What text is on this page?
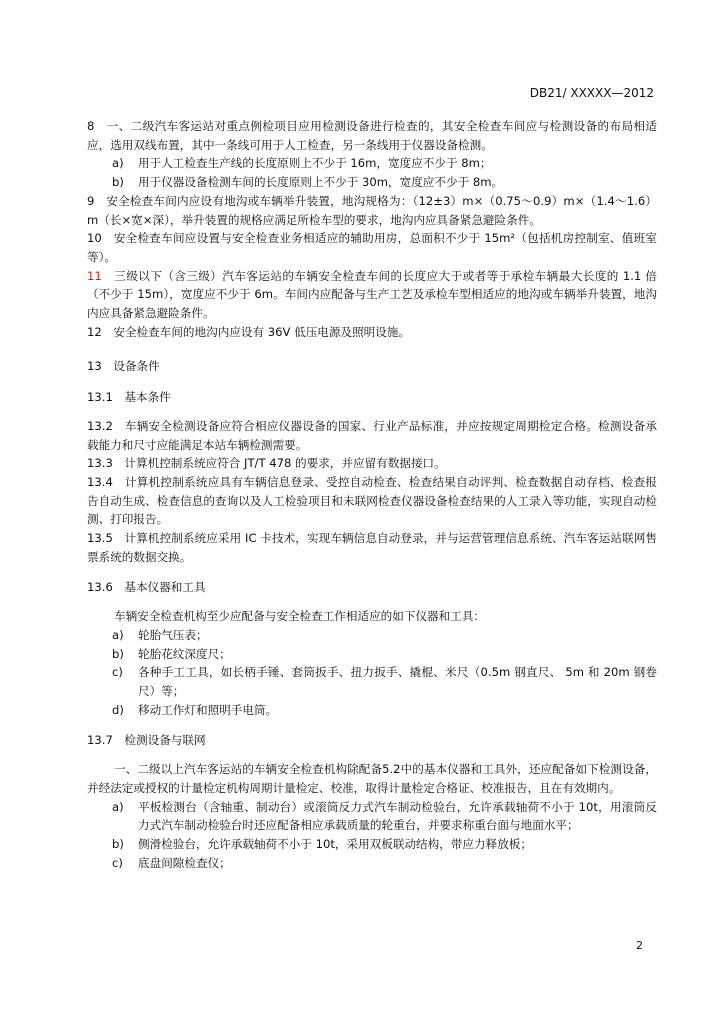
DB21/ XXXXX—2012

8　一、二级汽车客运站对重点例检项目应用检测设备进行检查的，其安全检查车间应与检测设备的布局相适应，选用双线布置，其中一条线可用于人工检查，另一条线用于仪器设备检测。

a)	用于人工检查生产线的长度原则上不少于 16m，宽度应不少于 8m；
b)	用于仪器设备检测车间的长度原则上不少于 30m，宽度应不少于 8m。

9　安全检查车间内应设有地沟或车辆举升装置，地沟规格为：（12±3）m×（0.75～0.9）m×（1.4～1.6）m（长×宽×深），举升装置的规格应满足所检车型的要求，地沟内应具备紧急避险条件。

10　安全检查车间应设置与安全检查业务相适应的辅助用房，总面积不少于 15m²（包括机房控制室、值班室等）。

11 三级以下（含三级）汽车客运站的车辆安全检查车间的长度应大于或者等于承检车辆最大长度的 1.1 倍（不少于 15m），宽度应不少于 6m。车间内应配备与生产工艺及承检车型相适应的地沟或车辆举升装置，地沟内应具备紧急避险条件。

12　安全检查车间的地沟内应设有 36V 低压电源及照明设施。

13　设备条件

13.1　基本条件

13.2　车辆安全检测设备应符合相应仪器设备的国家、行业产品标准，并应按规定周期检定合格。检测设备承载能力和尺寸应能满足本站车辆检测需要。

13.3　计算机控制系统应符合 JT/T 478 的要求，并应留有数据接口。

13.4　计算机控制系统应具有车辆信息登录、受控自动检查、检查结果自动评判、检查数据自动存档、检查报告自动生成、检查信息的查询以及人工检验项目和未联网检查仪器设备检查结果的人工录入等功能，实现自动检测、打印报告。

13.5　计算机控制系统应采用 IC 卡技术，实现车辆信息自动登录，并与运营管理信息系统、汽车客运站联网售票系统的数据交换。

13.6　基本仪器和工具

车辆安全检查机构至少应配备与安全检查工作相适应的如下仪器和工具：

a)	轮胎气压表；
b)	轮胎花纹深度尺；
c)	各种手工工具，如长柄手锤、套筒扳手、扭力扳手、撬棍、米尺（0.5m 钢直尺、 5m 和 20m 钢卷尺）等；
d)	移动工作灯和照明手电筒。

13.7　检测设备与联网

一、二级以上汽车客运站的车辆安全检查机构除配备5.2中的基本仪器和工具外，还应配备如下检测设备，并经法定或授权的计量检定机构周期计量检定、校准，取得计量检定合格证、校准报告，且在有效期内。

a)	平板检测台（含轴重、制动台）或滚筒反力式汽车制动检验台，允许承载轴荷不小于 10t，用滚筒反力式汽车制动检验台时还应配备相应承载质量的轮重台，并要求称重台面与地面水平；
b)	侧滑检验台，允许承载轴荷不小于 10t，采用双板联动结构，带应力释放板；
c)	底盘间隙检查仪；
2
